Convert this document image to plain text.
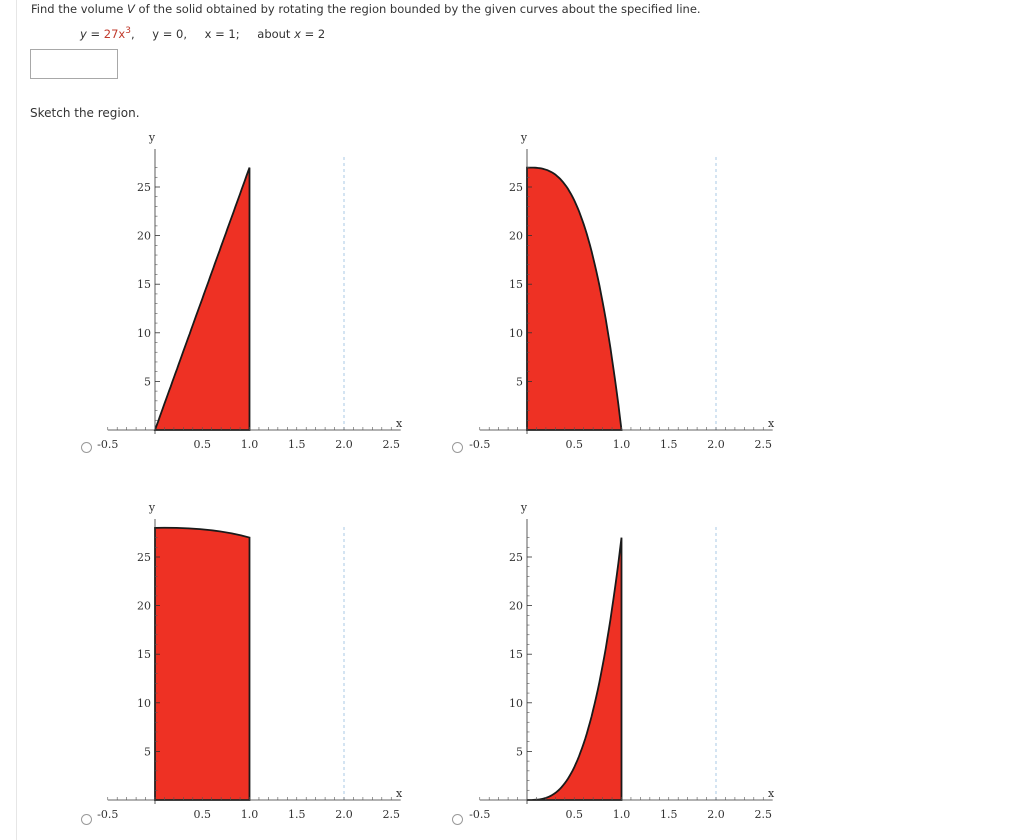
Find the volume V of the solid obtained by rotating the region bounded by the given curves about the specified line.
$y = 27x^3$, y = 0, x = 1; about x = 2
Sketch the region.
-0.5	0.5	1.0	1.5	2.0	2.5
5
10
15
20
25
x
y
-0.5	0.5	1.0	1.5	2.0	2.5
5
10
15
20
25
x
y
-0.5	0.5	1.0	1.5	2.0	2.5
5
10
15
20
25
x
y
-0.5	0.5	1.0	1.5	2.0	2.5
5
10
15
20
25
x
y
